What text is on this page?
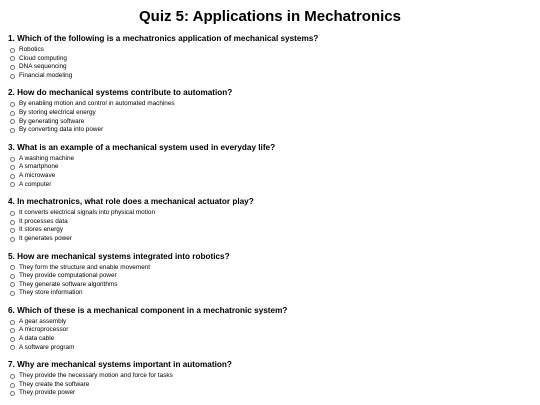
Quiz 5: Applications in Mechatronics

1. Which of the following is a mechatronics application of mechanical systems?

Robotics
Cloud computing
DNA sequencing
Financial modeling

2. How do mechanical systems contribute to automation?

By enabling motion and control in automated machines
By storing electrical energy
By generating software
By converting data into power

3. What is an example of a mechanical system used in everyday life?

A washing machine
A smartphone
A microwave
A computer

4. In mechatronics, what role does a mechanical actuator play?

It converts electrical signals into physical motion
It processes data
It stores energy
It generates power

5. How are mechanical systems integrated into robotics?

They form the structure and enable movement
They provide computational power
They generate software algorithms
They store information

6. Which of these is a mechanical component in a mechatronic system?

A gear assembly
A microprocessor
A data cable
A software program

7. Why are mechanical systems important in automation?

They provide the necessary motion and force for tasks
They create the software
They provide power
